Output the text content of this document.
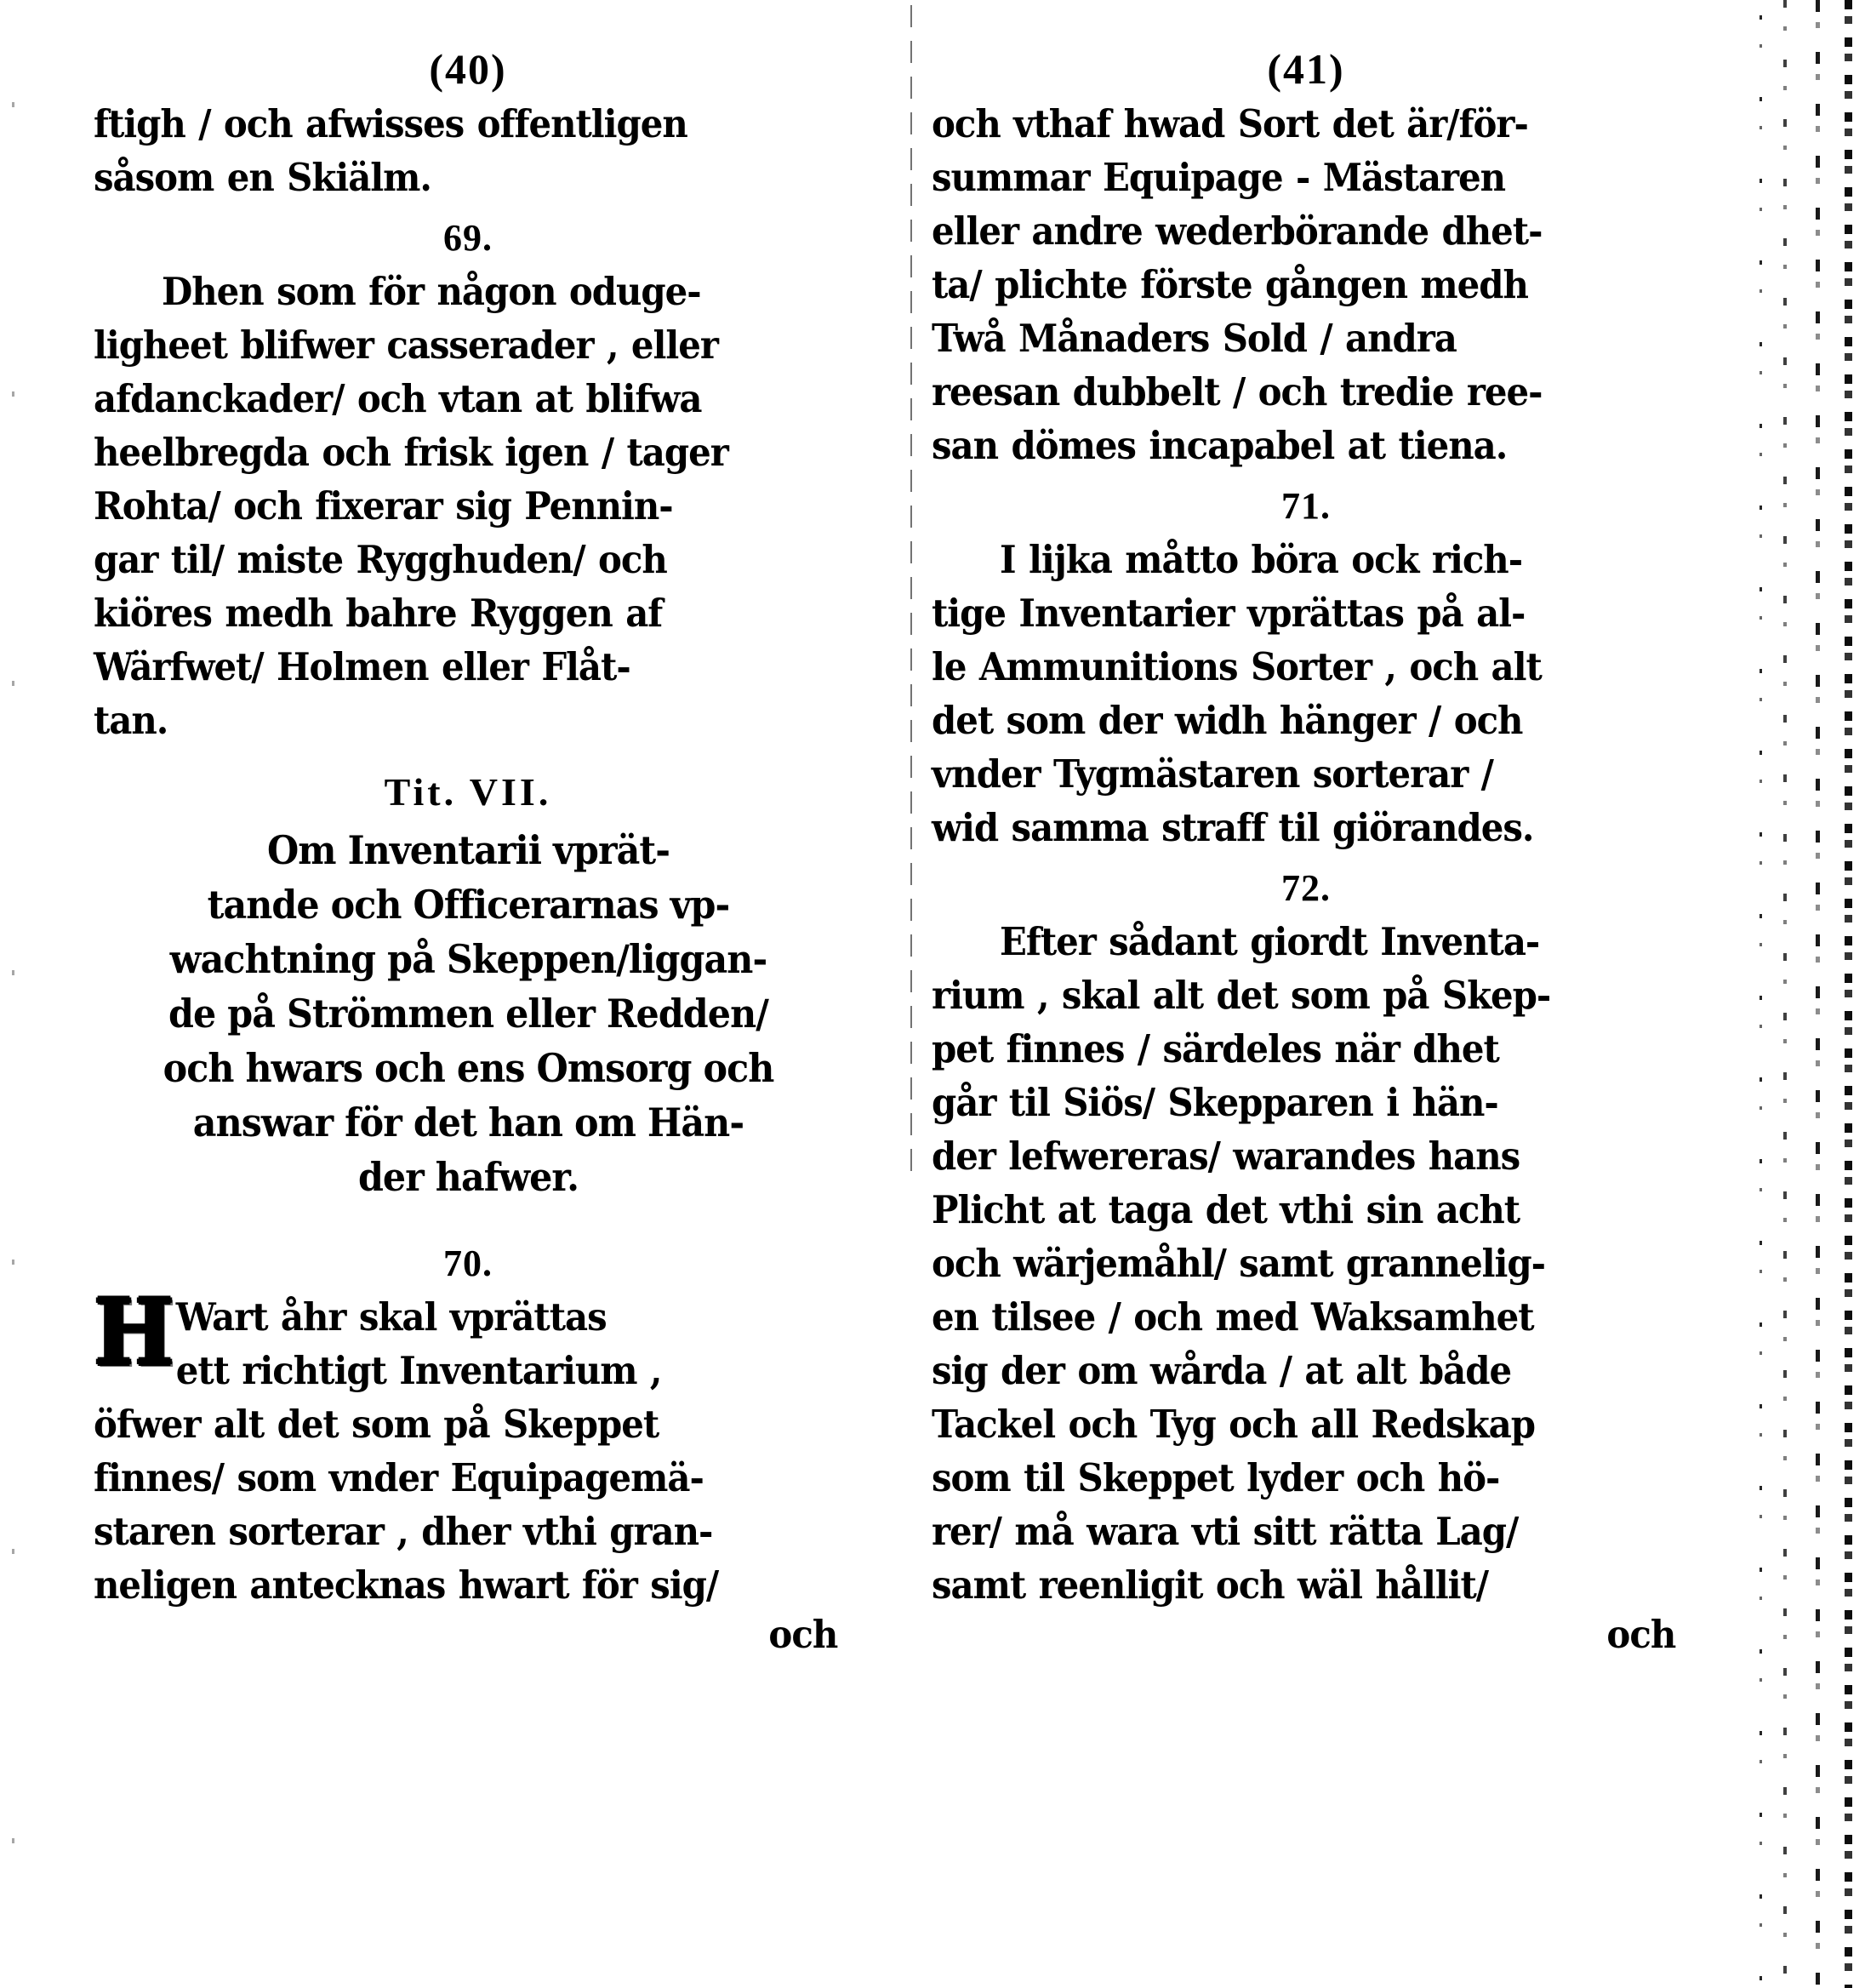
(40)

ftigh / och afwisses offentligen

såsom en Skiälm.

69.

Dhen som för någon oduge-

ligheet blifwer casserader , eller

afdanckader/ och vtan at blifwa

heelbregda och frisk igen / tager

Rohta/ och fixerar sig Pennin-

gar til/ miste Rygghuden/ och

kiöres medh bahre Ryggen af

Wärfwet/ Holmen eller Flåt-

tan.

Tit. VII.
Om Inventarii vprät-
tande och Officerarnas vp-
wachtning på Skeppen/liggan-
de på Strömmen eller Redden/
och hwars och ens Omsorg och
answar för det han om Hän-
der hafwer.
70.
H Wart åhr skal vprättas

ett richtigt Inventarium ,

öfwer alt det som på Skeppet

finnes/ som vnder Equipagemä-

staren sorterar , dher vthi gran-

neligen antecknas hwart för sig/

och
(41)

och vthaf hwad Sort det är/för-

summar Equipage - Mästaren

eller andre wederbörande dhet-

ta/ plichte förste gången medh

Twå Månaders Sold / andra

reesan dubbelt / och tredie ree-

san dömes incapabel at tiena.

71.

I lijka måtto böra ock rich-

tige Inventarier vprättas på al-

le Ammunitions Sorter , och alt

det som der widh hänger / och

vnder Tygmästaren sorterar /

wid samma straff til giörandes.

72.

Efter sådant giordt Inventa-

rium , skal alt det som på Skep-

pet finnes / särdeles när dhet

går til Siös/ Skepparen i hän-

der lefwereras/ warandes hans

Plicht at taga det vthi sin acht

och wärjemåhl/ samt grannelig-

en tilsee / och med Waksamhet

sig der om wårda / at alt både

Tackel och Tyg och all Redskap

som til Skeppet lyder och hö-

rer/ må wara vti sitt rätta Lag/

samt reenligit och wäl hållit/

och
